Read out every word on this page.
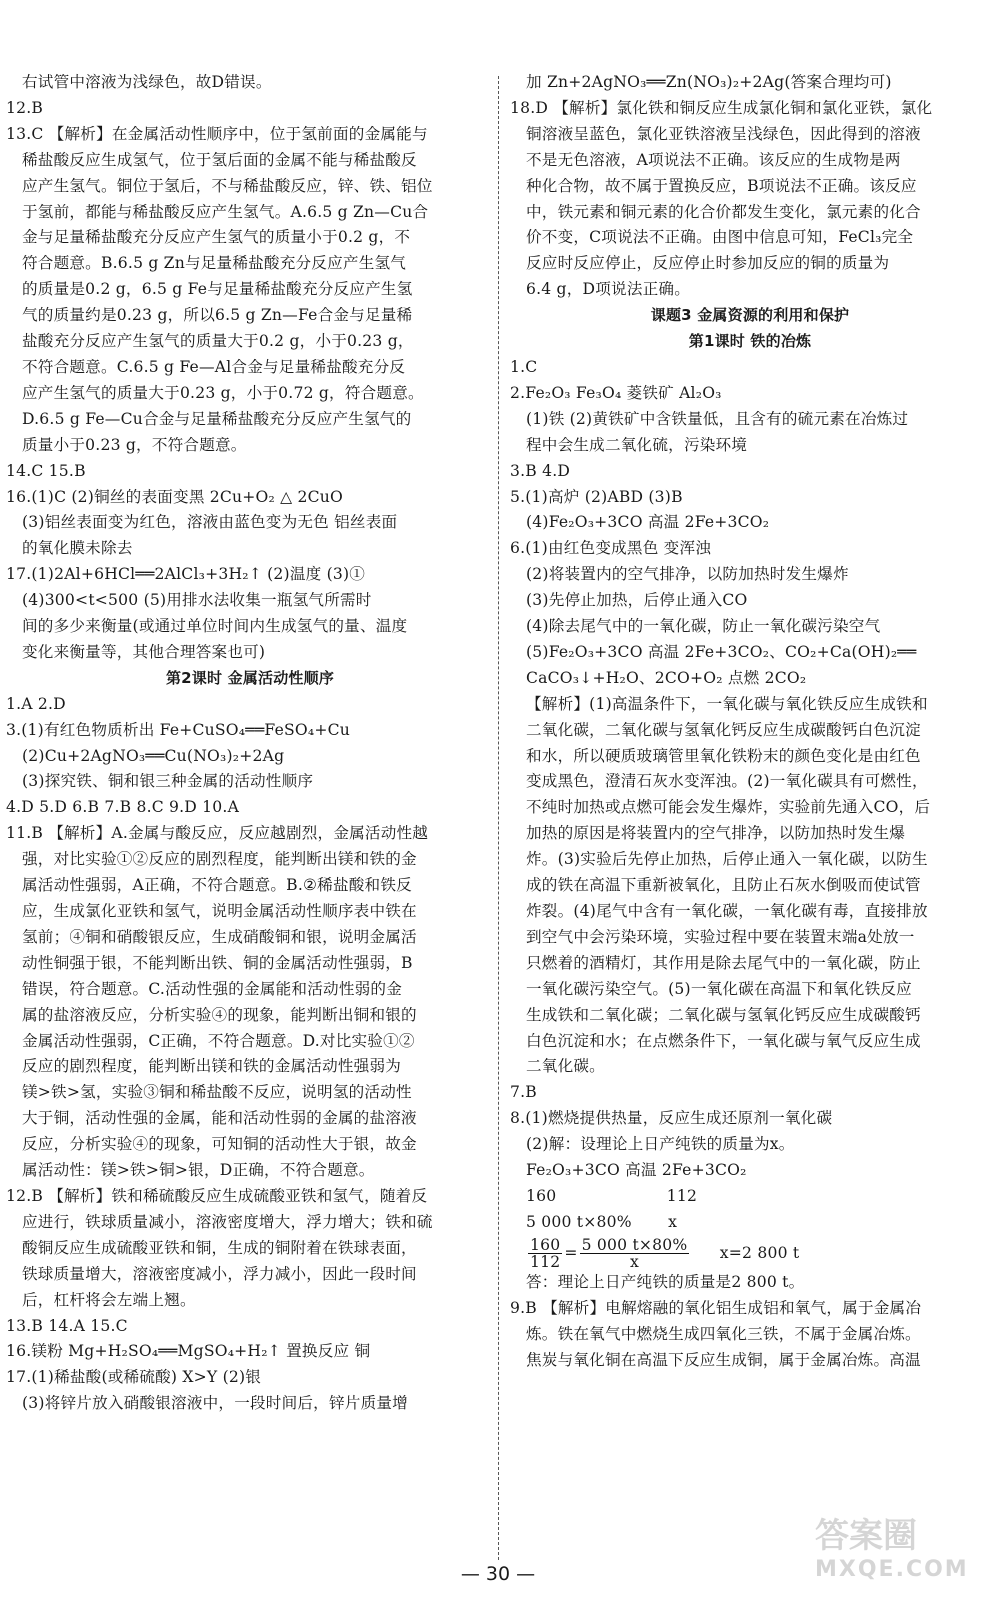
右试管中溶液为浅绿色，故D错误。

12.B

13.C 【解析】在金属活动性顺序中，位于氢前面的金属能与

稀盐酸反应生成氢气，位于氢后面的金属不能与稀盐酸反

应产生氢气。铜位于氢后，不与稀盐酸反应，锌、铁、铝位

于氢前，都能与稀盐酸反应产生氢气。A.6.5 g Zn—Cu合

金与足量稀盐酸充分反应产生氢气的质量小于0.2 g，不

符合题意。B.6.5 g Zn与足量稀盐酸充分反应产生氢气

的质量是0.2 g，6.5 g Fe与足量稀盐酸充分反应产生氢

气的质量约是0.23 g，所以6.5 g Zn—Fe合金与足量稀

盐酸充分反应产生氢气的质量大于0.2 g，小于0.23 g，

不符合题意。C.6.5 g Fe—Al合金与足量稀盐酸充分反

应产生氢气的质量大于0.23 g，小于0.72 g，符合题意。

D.6.5 g Fe—Cu合金与足量稀盐酸充分反应产生氢气的

质量小于0.23 g，不符合题意。

14.C 15.B

16.(1)C (2)铜丝的表面变黑 2Cu+O₂ △ 2CuO

(3)铝丝表面变为红色，溶液由蓝色变为无色 铝丝表面

的氧化膜未除去

17.(1)2Al+6HCl══2AlCl₃+3H₂↑ (2)温度 (3)①

(4)300<t<500 (5)用排水法收集一瓶氢气所需时

间的多少来衡量(或通过单位时间内生成氢气的量、温度

变化来衡量等，其他合理答案也可)

第2课时 金属活动性顺序

1.A 2.D

3.(1)有红色物质析出 Fe+CuSO₄══FeSO₄+Cu

(2)Cu+2AgNO₃══Cu(NO₃)₂+2Ag

(3)探究铁、铜和银三种金属的活动性顺序

4.D 5.D 6.B 7.B 8.C 9.D 10.A

11.B 【解析】A.金属与酸反应，反应越剧烈，金属活动性越

强，对比实验①②反应的剧烈程度，能判断出镁和铁的金

属活动性强弱，A正确，不符合题意。B.②稀盐酸和铁反

应，生成氯化亚铁和氢气，说明金属活动性顺序表中铁在

氢前；④铜和硝酸银反应，生成硝酸铜和银，说明金属活

动性铜强于银，不能判断出铁、铜的金属活动性强弱，B

错误，符合题意。C.活动性强的金属能和活动性弱的金

属的盐溶液反应，分析实验④的现象，能判断出铜和银的

金属活动性强弱，C正确，不符合题意。D.对比实验①②

反应的剧烈程度，能判断出镁和铁的金属活动性强弱为

镁>铁>氢，实验③铜和稀盐酸不反应，说明氢的活动性

大于铜，活动性强的金属，能和活动性弱的金属的盐溶液

反应，分析实验④的现象，可知铜的活动性大于银，故金

属活动性：镁>铁>铜>银，D正确，不符合题意。

12.B 【解析】铁和稀硫酸反应生成硫酸亚铁和氢气，随着反

应进行，铁球质量减小，溶液密度增大，浮力增大；铁和硫

酸铜反应生成硫酸亚铁和铜，生成的铜附着在铁球表面，

铁球质量增大，溶液密度减小，浮力减小，因此一段时间

后，杠杆将会左端上翘。

13.B 14.A 15.C

16.镁粉 Mg+H₂SO₄══MgSO₄+H₂↑ 置换反应 铜

17.(1)稀盐酸(或稀硫酸) X>Y (2)银

(3)将锌片放入硝酸银溶液中，一段时间后，锌片质量增

加 Zn+2AgNO₃══Zn(NO₃)₂+2Ag(答案合理均可)

18.D 【解析】氯化铁和铜反应生成氯化铜和氯化亚铁，氯化

铜溶液呈蓝色，氯化亚铁溶液呈浅绿色，因此得到的溶液

不是无色溶液，A项说法不正确。该反应的生成物是两

种化合物，故不属于置换反应，B项说法不正确。该反应

中，铁元素和铜元素的化合价都发生变化，氯元素的化合

价不变，C项说法不正确。由图中信息可知，FeCl₃完全

反应时反应停止，反应停止时参加反应的铜的质量为

6.4 g，D项说法正确。

课题3 金属资源的利用和保护

第1课时 铁的冶炼

1.C

2.Fe₂O₃ Fe₃O₄ 菱铁矿 Al₂O₃

(1)铁 (2)黄铁矿中含铁量低，且含有的硫元素在冶炼过

程中会生成二氧化硫，污染环境

3.B 4.D

5.(1)高炉 (2)ABD (3)B

(4)Fe₂O₃+3CO 高温 2Fe+3CO₂

6.(1)由红色变成黑色 变浑浊

(2)将装置内的空气排净，以防加热时发生爆炸

(3)先停止加热，后停止通入CO

(4)除去尾气中的一氧化碳，防止一氧化碳污染空气

(5)Fe₂O₃+3CO 高温 2Fe+3CO₂、CO₂+Ca(OH)₂══

CaCO₃↓+H₂O、2CO+O₂ 点燃 2CO₂

【解析】(1)高温条件下，一氧化碳与氧化铁反应生成铁和

二氧化碳，二氧化碳与氢氧化钙反应生成碳酸钙白色沉淀

和水，所以硬质玻璃管里氧化铁粉末的颜色变化是由红色

变成黑色，澄清石灰水变浑浊。(2)一氧化碳具有可燃性，

不纯时加热或点燃可能会发生爆炸，实验前先通入CO，后

加热的原因是将装置内的空气排净，以防加热时发生爆

炸。(3)实验后先停止加热，后停止通入一氧化碳，以防生

成的铁在高温下重新被氧化，且防止石灰水倒吸而使试管

炸裂。(4)尾气中含有一氧化碳，一氧化碳有毒，直接排放

到空气中会污染环境，实验过程中要在装置末端a处放一

只燃着的酒精灯，其作用是除去尾气中的一氧化碳，防止

一氧化碳污染空气。(5)一氧化碳在高温下和氧化铁反应

生成铁和二氧化碳；二氧化碳与氢氧化钙反应生成碳酸钙

白色沉淀和水；在点燃条件下，一氧化碳与氧气反应生成

二氧化碳。

7.B

8.(1)燃烧提供热量，反应生成还原剂一氧化碳

(2)解：设理论上日产纯铁的质量为x。

Fe₂O₃+3CO 高温 2Fe+3CO₂

160	112

5 000 t×80% x

$\frac{160}{112} = \frac{5 000 t\times 80\%}{x} x=2$ 800 t

答：理论上日产纯铁的质量是2 800 t。

9.B 【解析】电解熔融的氧化铝生成铝和氧气，属于金属冶

炼。铁在氧气中燃烧生成四氧化三铁，不属于金属冶炼。

焦炭与氧化铜在高温下反应生成铜，属于金属冶炼。高温

— 30 —
答案圈
MXQE.COM
